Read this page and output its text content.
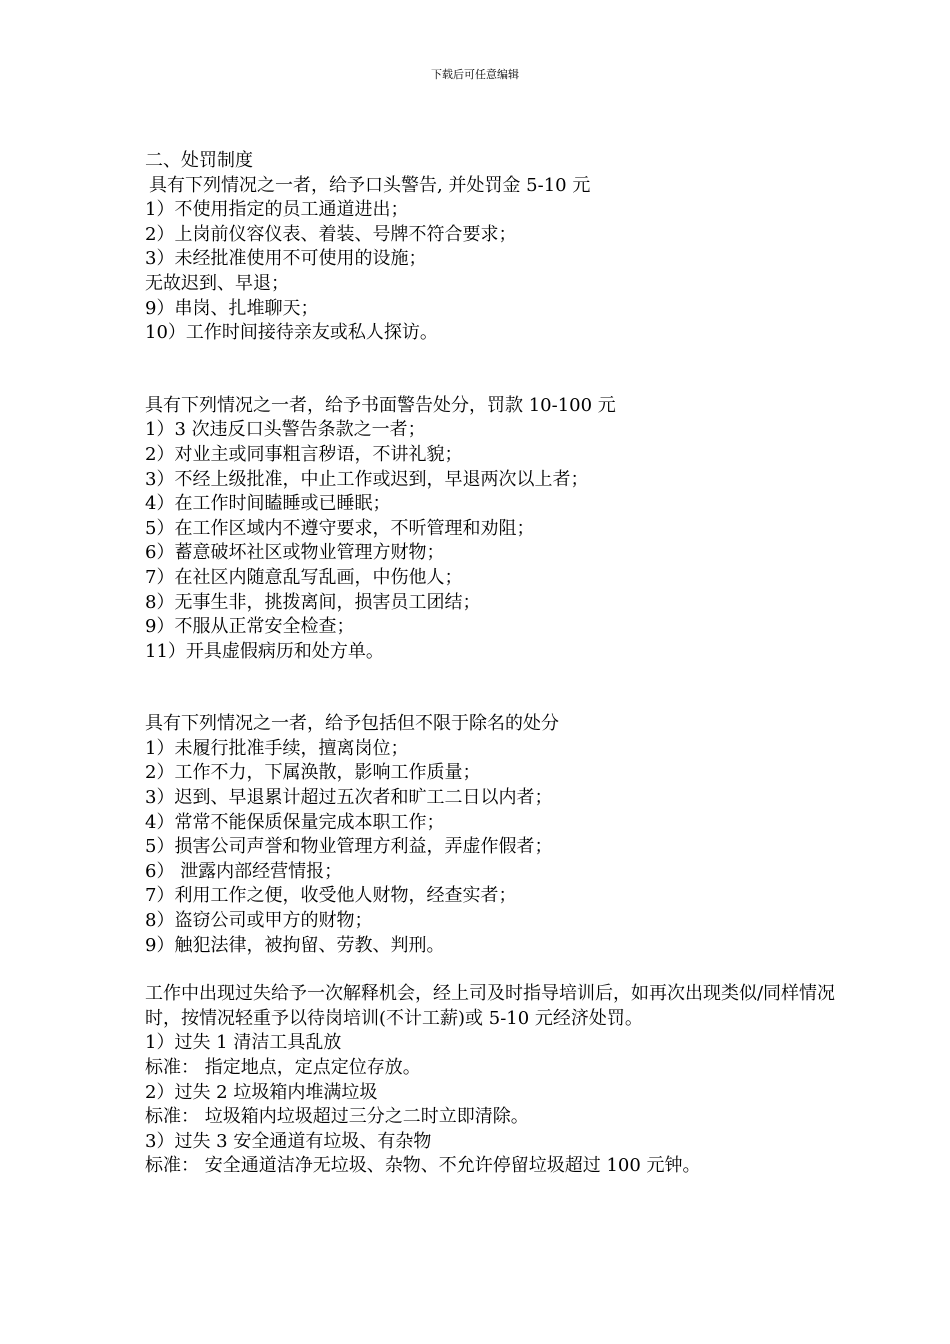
下载后可任意编辑

二、处罚制度

具有下列情况之一者，给予口头警告, 并处罚金 5-10 元

1）不使用指定的员工通道进出；

2）上岗前仪容仪表、着装、号牌不符合要求；

3）未经批准使用不可使用的设施；

无故迟到、早退；

9）串岗、扎堆聊天；

10）工作时间接待亲友或私人探访。

具有下列情况之一者，给予书面警告处分，罚款 10-100 元

1）3 次违反口头警告条款之一者；

2）对业主或同事粗言秽语，不讲礼貌；

3）不经上级批准，中止工作或迟到，早退两次以上者；

4）在工作时间瞌睡或已睡眠；

5）在工作区域内不遵守要求，不听管理和劝阻；

6）蓄意破坏社区或物业管理方财物；

7）在社区内随意乱写乱画，中伤他人；

8）无事生非，挑拨离间，损害员工团结；

9）不服从正常安全检查；

11）开具虚假病历和处方单。

具有下列情况之一者，给予包括但不限于除名的处分

1）未履行批准手续，擅离岗位；

2）工作不力，下属涣散，影响工作质量；

3）迟到、早退累计超过五次者和旷工二日以内者；

4）常常不能保质保量完成本职工作；

5）损害公司声誉和物业管理方利益，弄虚作假者；

6） 泄露内部经营情报；

7）利用工作之便，收受他人财物，经查实者；

8）盗窃公司或甲方的财物；

9）触犯法律，被拘留、劳教、判刑。

工作中出现过失给予一次解释机会，经上司及时指导培训后，如再次出现类似/同样情况时，按情况轻重予以待岗培训(不计工薪)或 5-10 元经济处罚。

1）过失 1 清洁工具乱放

标准： 指定地点，定点定位存放。

2）过失 2 垃圾箱内堆满垃圾

标准： 垃圾箱内垃圾超过三分之二时立即清除。

3）过失 3 安全通道有垃圾、有杂物

标准： 安全通道洁净无垃圾、杂物、不允许停留垃圾超过 100 元钟。
